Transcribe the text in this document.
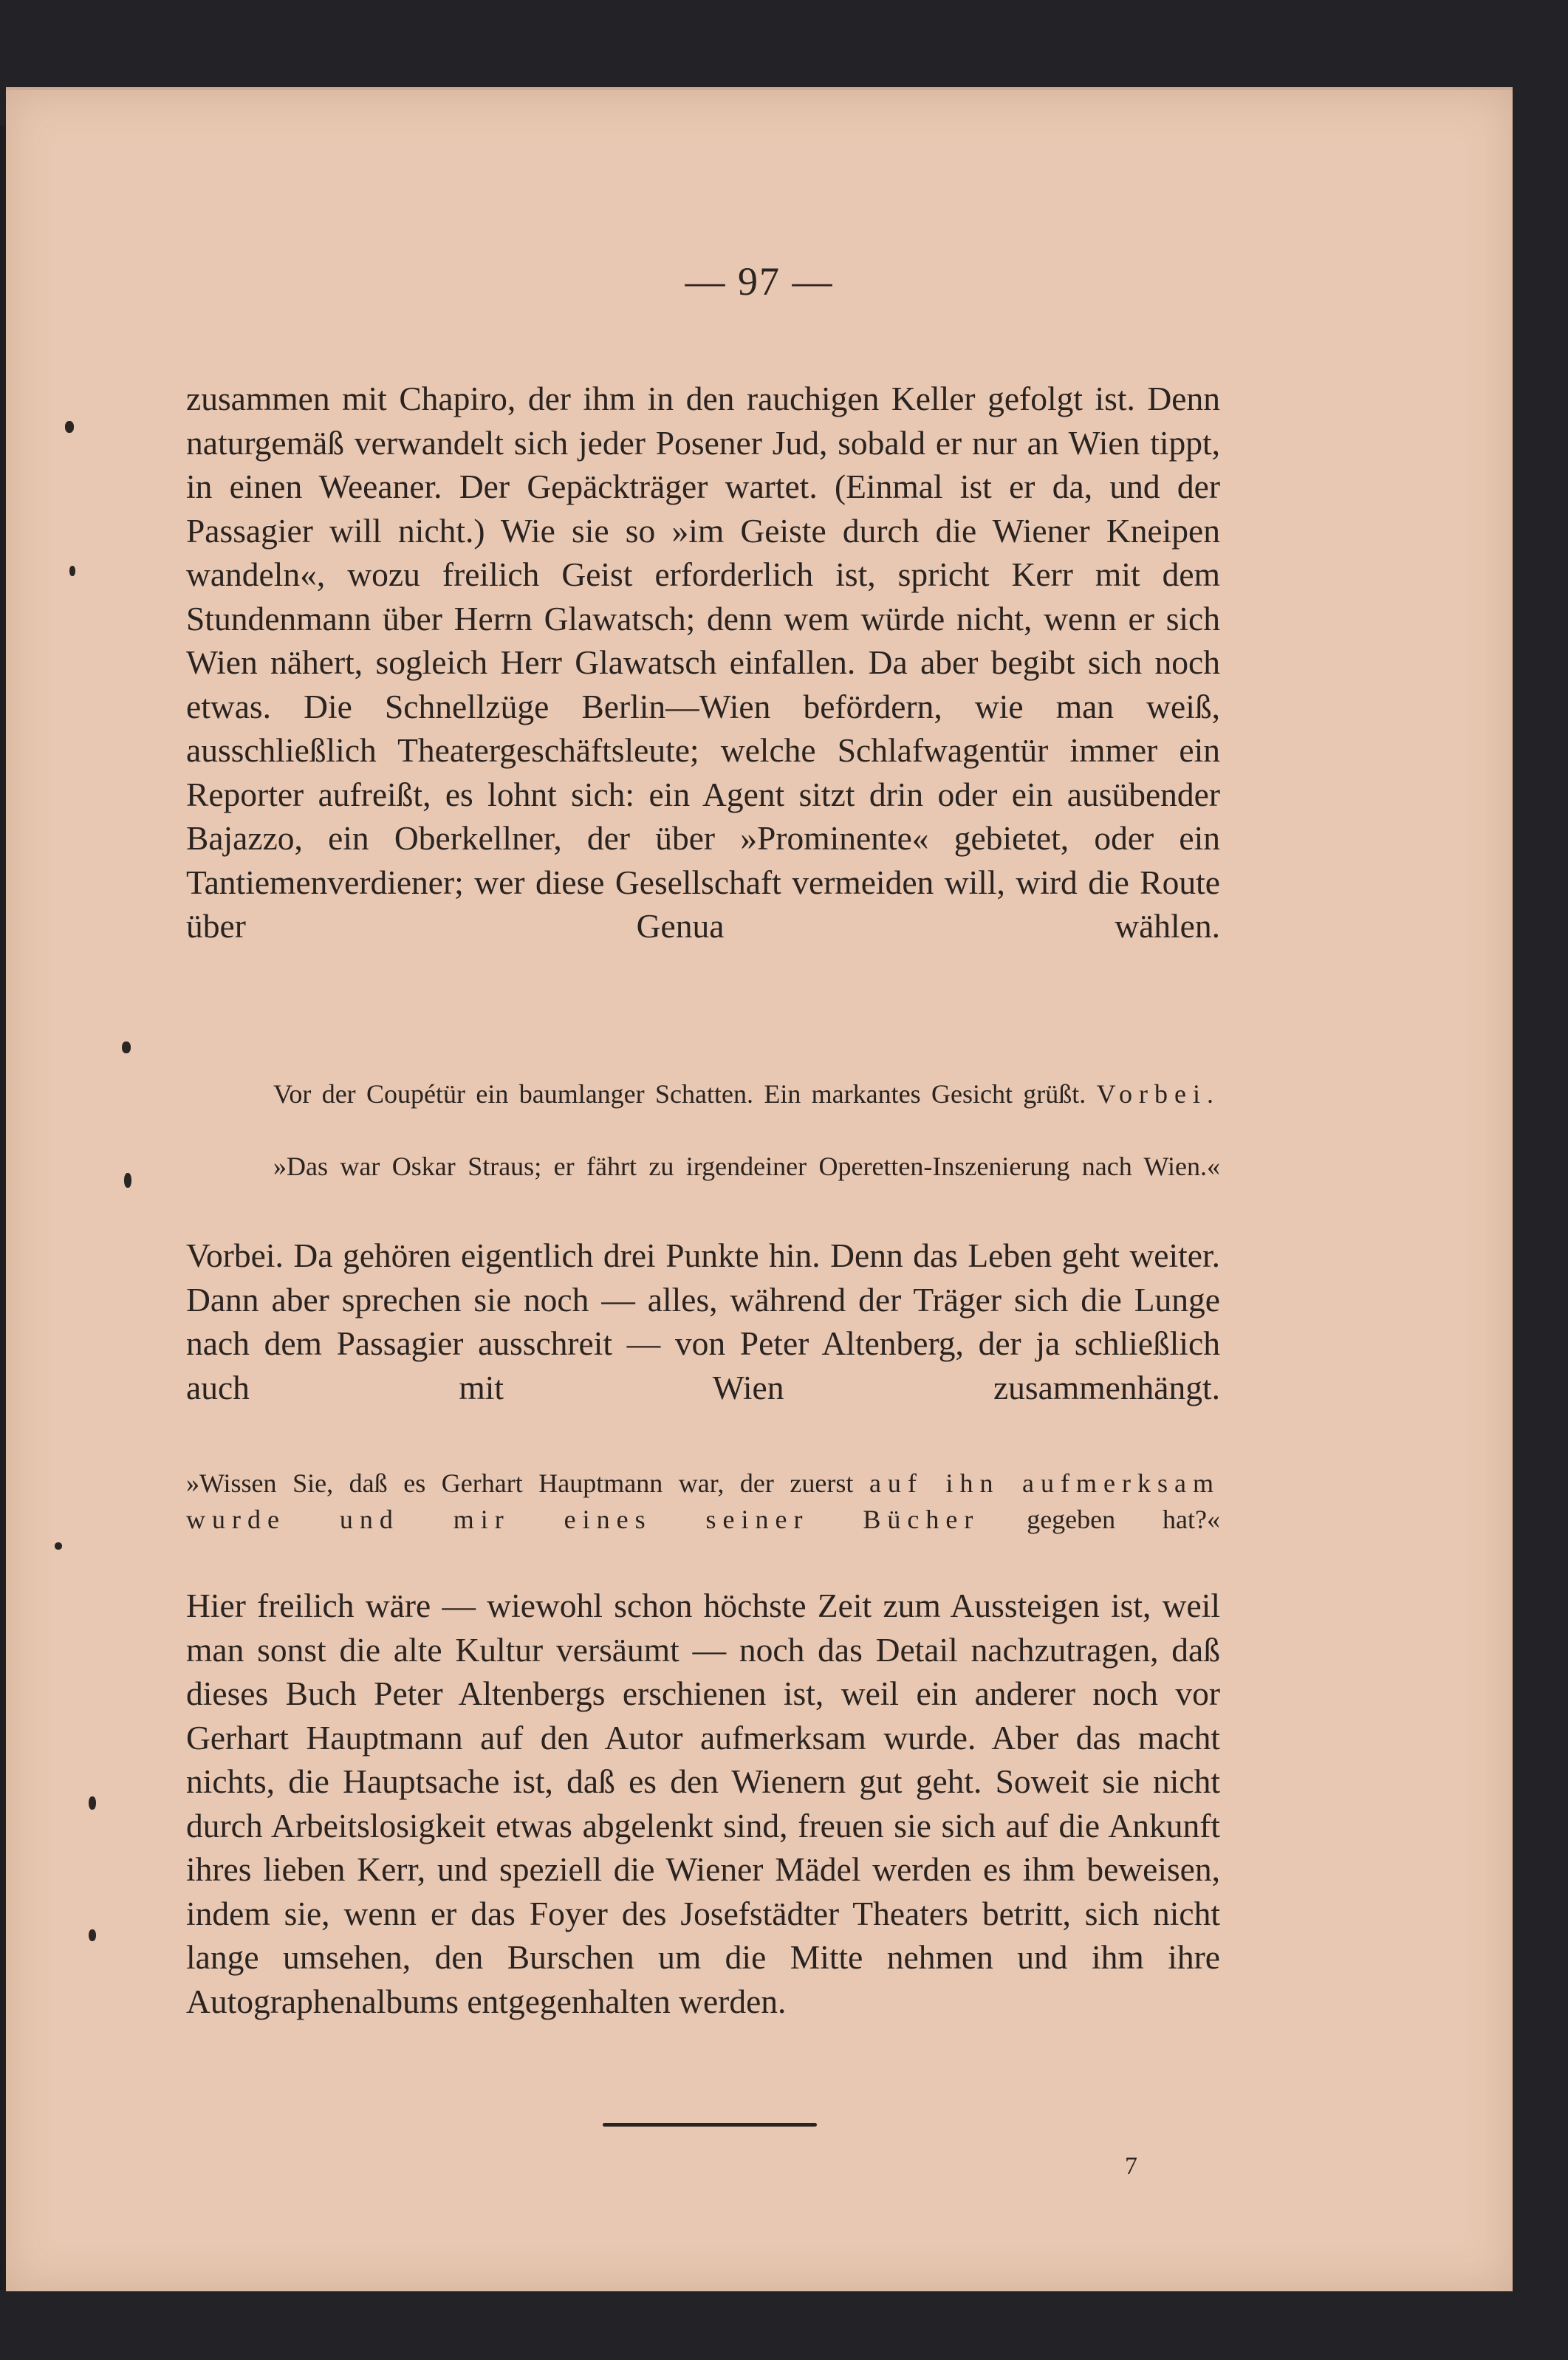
— 97 —
zusammen mit Chapiro, der ihm in den rauchigen Keller gefolgt ist. Denn naturgemäß verwandelt sich jeder Posener Jud, sobald er nur an Wien tippt, in einen Weeaner. Der Gepäckträger wartet. (Einmal ist er da, und der Passagier will nicht.) Wie sie so »im Geiste durch die Wiener Kneipen wandeln«, wozu freilich Geist erforderlich ist, spricht Kerr mit dem Stundenmann über Herrn Glawatsch; denn wem würde nicht, wenn er sich Wien nähert, sogleich Herr Glawatsch einfallen. Da aber begibt sich noch etwas. Die Schnellzüge Berlin—Wien befördern, wie man weiß, ausschließlich Theatergeschäftsleute; welche Schlafwagentür immer ein Reporter aufreißt, es lohnt sich: ein Agent sitzt drin oder ein ausübender Bajazzo, ein Oberkellner, der über »Prominente« gebietet, oder ein Tantiemenverdiener; wer diese Gesellschaft vermeiden will, wird die Route über Genua wählen.
Vor der Coupétür ein baumlanger Schatten. Ein markantes Gesicht grüßt. Vorbei.
»Das war Oskar Straus; er fährt zu irgendeiner Operetten-Inszenierung nach Wien.«
Vorbei. Da gehören eigentlich drei Punkte hin. Denn das Leben geht weiter. Dann aber sprechen sie noch — alles, während der Träger sich die Lunge nach dem Passagier ausschreit — von Peter Altenberg, der ja schließlich auch mit Wien zusammenhängt.
»Wissen Sie, daß es Gerhart Hauptmann war, der zuerst auf ihn aufmerksam wurde und mir eines seiner Bücher gegeben hat?«
Hier freilich wäre — wiewohl schon höchste Zeit zum Aussteigen ist, weil man sonst die alte Kultur versäumt — noch das Detail nachzutragen, daß dieses Buch Peter Altenbergs erschienen ist, weil ein anderer noch vor Gerhart Hauptmann auf den Autor aufmerksam wurde. Aber das macht nichts, die Hauptsache ist, daß es den Wienern gut geht. Soweit sie nicht durch Arbeitslosigkeit etwas abgelenkt sind, freuen sie sich auf die Ankunft ihres lieben Kerr, und speziell die Wiener Mädel werden es ihm beweisen, indem sie, wenn er das Foyer des Josefstädter Theaters betritt, sich nicht lange umsehen, den Burschen um die Mitte nehmen und ihm ihre Autographenalbums entgegenhalten werden.
7
